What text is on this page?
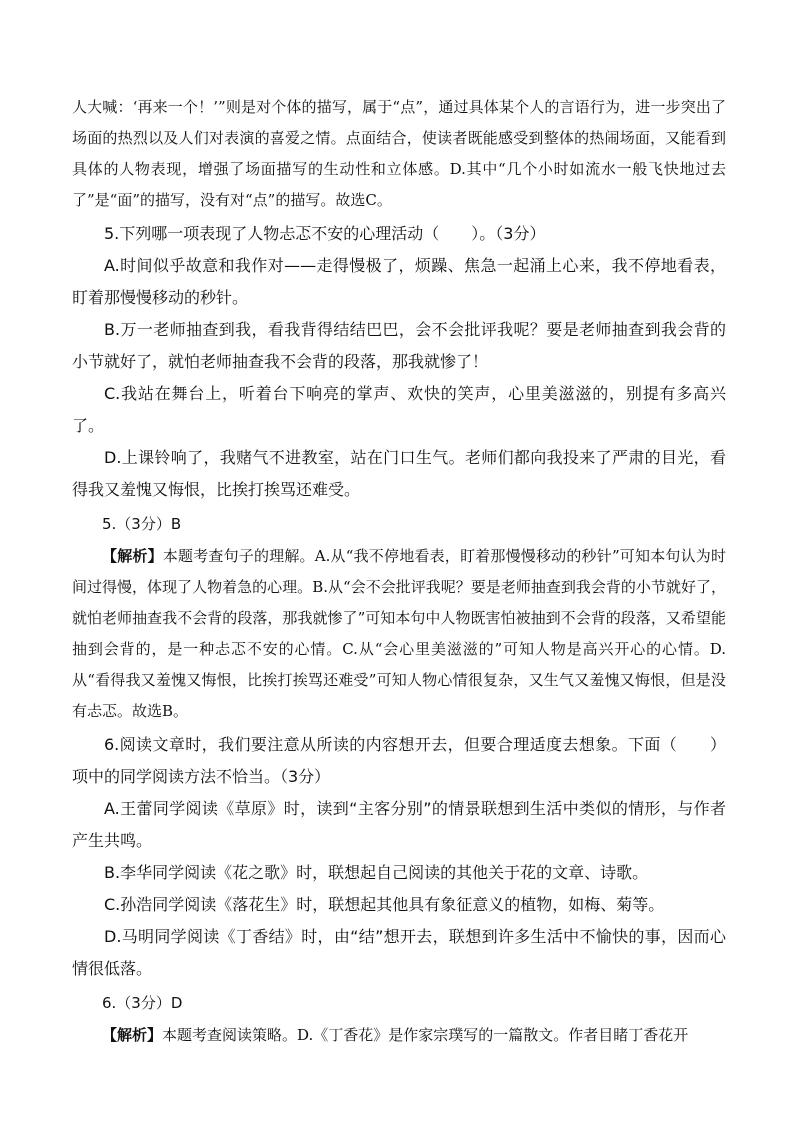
人大喊：‘再来一个！’”则是对个体的描写，属于“点”，通过具体某个人的言语行为，进一步突出了场面的热烈以及人们对表演的喜爱之情。点面结合，使读者既能感受到整体的热闹场面，又能看到具体的人物表现，增强了场面描写的生动性和立体感。D.其中“几个小时如流水一般飞快地过去了”是“面”的描写，没有对“点”的描写。故选C。

5.下列哪一项表现了人物忐忑不安的心理活动（　　）。（3分）

A.时间似乎故意和我作对——走得慢极了，烦躁、焦急一起涌上心来，我不停地看表，盯着那慢慢移动的秒针。

B.万一老师抽查到我，看我背得结结巴巴，会不会批评我呢？要是老师抽查到我会背的小节就好了，就怕老师抽查我不会背的段落，那我就惨了！

C.我站在舞台上，听着台下响亮的掌声、欢快的笑声，心里美滋滋的，别提有多高兴了。

D.上课铃响了，我赌气不进教室，站在门口生气。老师们都向我投来了严肃的目光，看得我又羞愧又悔恨，比挨打挨骂还难受。

5.（3分）B

【解析】本题考查句子的理解。A.从“我不停地看表，盯着那慢慢移动的秒针”可知本句认为时间过得慢，体现了人物着急的心理。B.从“会不会批评我呢？要是老师抽查到我会背的小节就好了，就怕老师抽查我不会背的段落，那我就惨了”可知本句中人物既害怕被抽到不会背的段落，又希望能抽到会背的，是一种忐忑不安的心情。C.从“会心里美滋滋的”可知人物是高兴开心的心情。D.从“看得我又羞愧又悔恨，比挨打挨骂还难受”可知人物心情很复杂，又生气又羞愧又悔恨，但是没有忐忑。故选B。

6.阅读文章时，我们要注意从所读的内容想开去，但要合理适度去想象。下面（　　）项中的同学阅读方法不恰当。（3分）

A.王蕾同学阅读《草原》时，读到“主客分别”的情景联想到生活中类似的情形，与作者产生共鸣。

B.李华同学阅读《花之歌》时，联想起自己阅读的其他关于花的文章、诗歌。

C.孙浩同学阅读《落花生》时，联想起其他具有象征意义的植物，如梅、菊等。

D.马明同学阅读《丁香结》时，由“结”想开去，联想到许多生活中不愉快的事，因而心情很低落。

6.（3分）D

【解析】本题考查阅读策略。D.《丁香花》是作家宗璞写的一篇散文。作者目睹丁香花开
